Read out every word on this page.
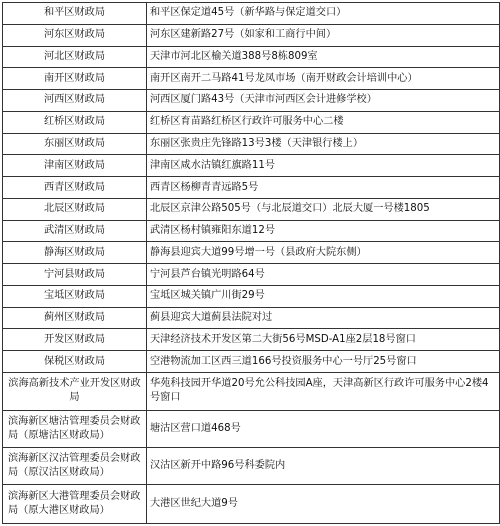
和平区财政局	和平区保定道45号（新华路与保定道交口）
河东区财政局	河东区建新路27号（如家和工商行中间）
河北区财政局	天津市河北区榆关道388号8栋809室
南开区财政局	南开区南开二马路41号龙凤市场（南开财政会计培训中心）
河西区财政局	河西区厦门路43号（天津市河西区会计进修学校）
红桥区财政局	红桥区育苗路红桥区行政许可服务中心二楼
东丽区财政局	东丽区张贵庄先锋路13号3楼（天津银行楼上）
津南区财政局	津南区咸水沽镇红旗路11号
西青区财政局	西青区杨柳青青远路5号
北辰区财政局	北辰区京津公路505号（与北辰道交口）北辰大厦一号楼1805
武清区财政局	武清区杨村镇雍阳东道12号
静海区财政局	静海县迎宾大道99号增一号（县政府大院东侧）
宁河县财政局	宁河县芦台镇光明路64号
宝坻区财政局	宝坻区城关镇广川街29号
蓟州区财政局	蓟县迎宾大道蓟县法院对过
开发区财政局	天津经济技术开发区第二大街56号MSD-A1座2层18号窗口
保税区财政局	空港物流加工区西三道166号投资服务中心一号厅25号窗口
滨海高新技术产业开发区财政局	华苑科技园开华道20号允公科技园A座，天津高新区行政许可服务中心2楼4号窗口
滨海新区塘沽管理委员会财政局（原塘沽区财政局）	塘沽区营口道468号
滨海新区汉沽管理委员会财政局（原汉沽区财政局）	汉沽区新开中路96号科委院内
滨海新区大港管理委员会财政局（原大港区财政局）	大港区世纪大道9号
